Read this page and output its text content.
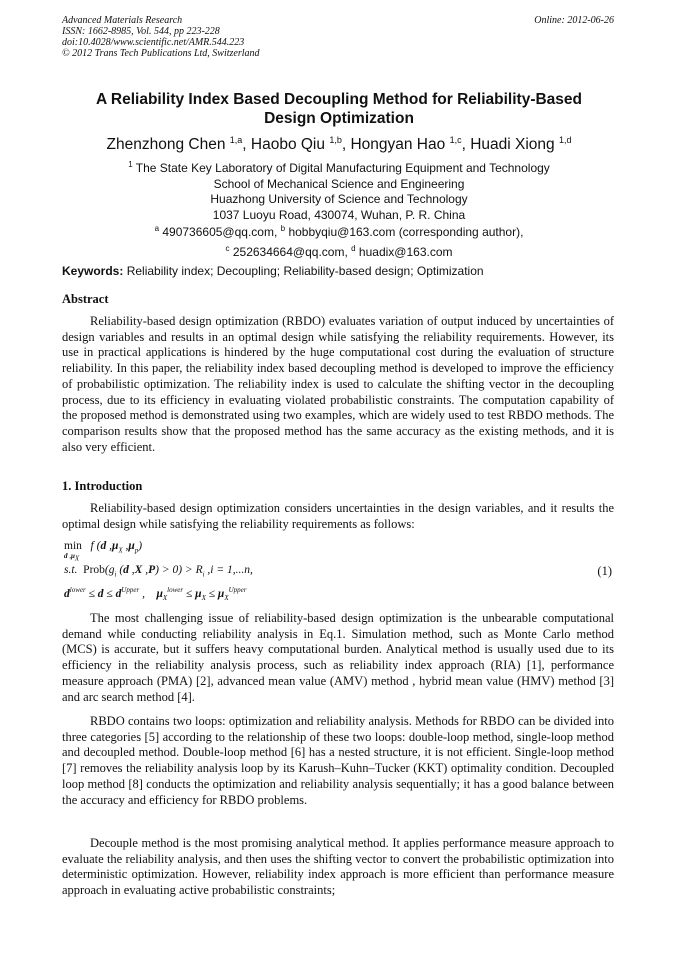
Advanced Materials Research
ISSN: 1662-8985, Vol. 544, pp 223-228
doi:10.4028/www.scientific.net/AMR.544.223
© 2012 Trans Tech Publications Ltd, Switzerland
Online: 2012-06-26
A Reliability Index Based Decoupling Method for Reliability-Based
Design Optimization
Zhenzhong Chen $^{1,a}$, Haobo Qiu $^{1,b}$, Hongyan Hao $^{1,c}$, Huadi Xiong $^{1,d}$
$^1$ The State Key Laboratory of Digital Manufacturing Equipment and Technology
School of Mechanical Science and Engineering
Huazhong University of Science and Technology
1037 Luoyu Road, 430074, Wuhan, P. R. China
$^a$ 490736605@qq.com, $^b$ hobbyqiu@163.com (corresponding author),
$^c$ 252634664@qq.com, $^d$ huadix@163.com
Keywords: Reliability index; Decoupling; Reliability-based design; Optimization
Abstract
Reliability-based design optimization (RBDO) evaluates variation of output induced by uncertainties of design variables and results in an optimal design while satisfying the reliability requirements. However, its use in practical applications is hindered by the huge computational cost during the evaluation of structure reliability. In this paper, the reliability index based decoupling method is developed to improve the efficiency of probabilistic optimization. The reliability index is used to calculate the shifting vector in the decoupling process, due to its efficiency in evaluating violated probabilistic constraints. The computation capability of the proposed method is demonstrated using two examples, which are widely used to test RBDO methods. The comparison results show that the proposed method has the same accuracy as the existing methods, and it is also very efficient.
1. Introduction
Reliability-based design optimization considers uncertainties in the design variables, and it results the optimal design while satisfying the reliability requirements as follows:
min f (d $,\mu_X$ $,\mu_p$)
d $,\mu_X$
s.t.  $Prob(g_i$ (d ,X $,P) > 0) > R_i$ ,i = 1,...n,
$d^{lower} \le d \le d^{Upper}$ ,    $\mu_X^{lower} \le \mu_X \le \mu_X^{Upper}$
(1)
The most challenging issue of reliability-based design optimization is the unbearable computational demand while conducting reliability analysis in Eq.1. Simulation method, such as Monte Carlo method (MCS) is accurate, but it suffers heavy computational burden. Analytical method is usually used due to its efficiency in the reliability analysis process, such as reliability index approach (RIA) [1], performance measure approach (PMA) [2], advanced mean value (AMV) method , hybrid mean value (HMV) method [3] and arc search method [4].
RBDO contains two loops: optimization and reliability analysis. Methods for RBDO can be divided into three categories [5] according to the relationship of these two loops: double-loop method, single-loop method and decoupled method. Double-loop method [6] has a nested structure, it is not efficient. Single-loop method [7] removes the reliability analysis loop by its Karush–Kuhn–Tucker (KKT) optimality condition. Decoupled loop method [8] conducts the optimization and reliability analysis sequentially; it has a good balance between the accuracy and efficiency for RBDO problems.
Decouple method is the most promising analytical method. It applies performance measure approach to evaluate the reliability analysis, and then uses the shifting vector to convert the probabilistic optimization into deterministic optimization. However, reliability index approach is more efficient than performance measure approach in evaluating active probabilistic constraints;
